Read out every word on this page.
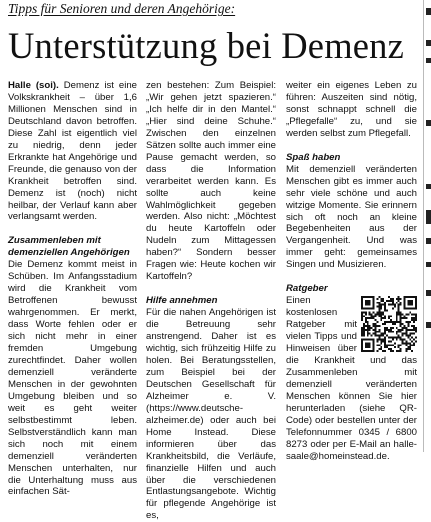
Tipps für Senioren und deren Angehörige:
Unterstützung bei Demenz

Halle (soi). Demenz ist eine Volkskrankheit – über 1,6 Millionen Menschen sind in Deutschland davon betroffen. Diese Zahl ist eigentlich viel zu niedrig, denn jeder Erkrankte hat Angehörige und Freunde, die genauso von der Krankheit betroffen sind. Demenz ist (noch) nicht heilbar, der Verlauf kann aber verlangsamt werden.

Zusammenleben mit demenziellen Angehörigen

Die Demenz kommt meist in Schüben. Im Anfangsstadium wird die Krankheit vom Betroffenen bewusst wahrgenommen. Er merkt, dass Worte fehlen oder er sich nicht mehr in einer fremden Umgebung zurechtfindet. Daher wollen demenziell veränderte Menschen in der gewohnten Umgebung bleiben und so weit es geht weiter selbstbestimmt leben. Selbstverständlich kann man sich noch mit einem demenziell veränderten Menschen unterhalten, nur die Unterhaltung muss aus einfachen Sät-

zen bestehen: Zum Beispiel: „Wir gehen jetzt spazieren.“ „Ich helfe dir in den Mantel.“ „Hier sind deine Schuhe.“ Zwischen den einzelnen Sätzen sollte auch immer eine Pause gemacht werden, so dass die Information verarbeitet werden kann. Es sollte auch keine Wahlmöglichkeit gegeben werden. Also nicht: „Möchtest du heute Kartoffeln oder Nudeln zum Mittagessen haben?“ Sondern besser Fragen wie: Heute kochen wir Kartoffeln?

Hilfe annehmen

Für die nahen Angehörigen ist die Betreuung sehr anstrengend. Daher ist es wichtig, sich frühzeitig Hilfe zu holen. Bei Beratungsstellen, zum Beispiel bei der Deutschen Gesellschaft für Alzheimer e. V. (https://www.deutsche-alzheimer.de) oder auch bei Home Instead. Diese informieren über das Krankheitsbild, die Verläufe, finanzielle Hilfen und auch über die verschiedenen Entlastungsangebote. Wichtig für pflegende Angehörige ist es,

weiter ein eigenes Leben zu führen: Auszeiten sind nötig, sonst schnappt schnell die „Pflegefalle“ zu, und sie werden selbst zum Pflegefall.

Spaß haben

Mit demenziell veränderten Menschen gibt es immer auch sehr viele schöne und auch witzige Momente. Sie erinnern sich oft noch an kleine Begebenheiten aus der Vergangenheit. Und was immer geht: gemeinsames Singen und Musizieren.

Ratgeber

Einen kostenlosen Ratgeber mit vielen Tipps und Hinweisen über die Krankheit und das Zusammenleben mit demenziell veränderten Menschen können Sie hier herunterladen (siehe QR-Code) oder bestellen unter der Telefonnummer 0345 / 6800 8273 oder per E-Mail an halle-saale@homeinstead.de.
